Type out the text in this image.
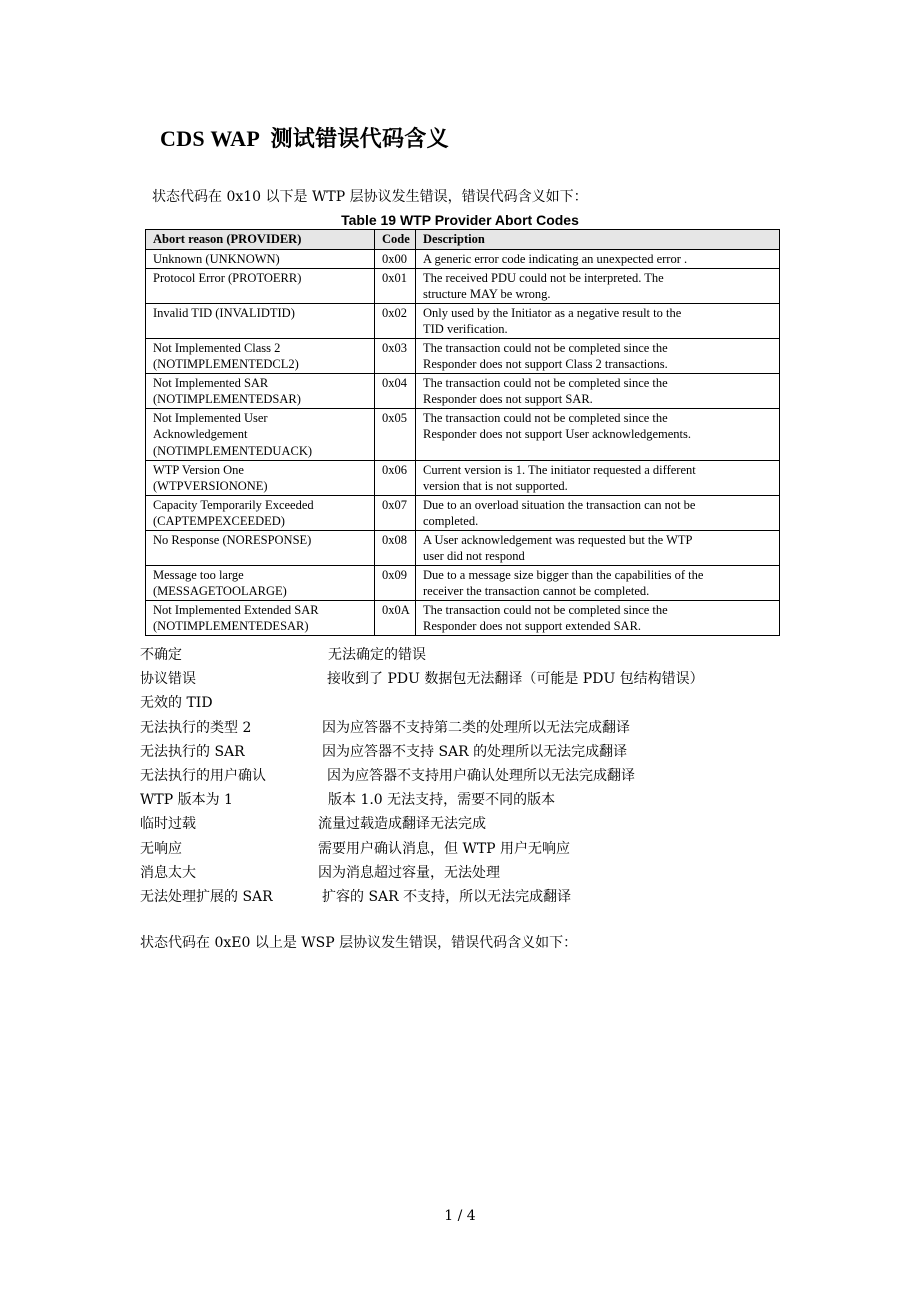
CDS WAP  测试错误代码含义
状态代码在 0x10 以下是 WTP 层协议发生错误，错误代码含义如下：
Table 19 WTP Provider Abort Codes
Abort reason (PROVIDER)	Code	Description

Unknown (UNKNOWN)	0x00	A generic error code indicating an unexpected error .

Protocol Error (PROTOERR)	0x01	The received PDU could not be interpreted. The
structure MAY be wrong.

Invalid TID (INVALIDTID)	0x02	Only used by the Initiator as a negative result to the
TID verification.

Not Implemented Class 2
(NOTIMPLEMENTEDCL2)	0x03	The transaction could not be completed since the
Responder does not support Class 2 transactions.

Not Implemented SAR
(NOTIMPLEMENTEDSAR)	0x04	The transaction could not be completed since the
Responder does not support SAR.

Not Implemented User
Acknowledgement
(NOTIMPLEMENTEDUACK)	0x05	The transaction could not be completed since the
Responder does not support User acknowledgements.

WTP Version One
(WTPVERSIONONE)	0x06	Current version is 1. The initiator requested a different
version that is not supported.

Capacity Temporarily Exceeded
(CAPTEMPEXCEEDED)	0x07	Due to an overload situation the transaction can not be
completed.

No Response (NORESPONSE)	0x08	A User acknowledgement was requested but the WTP
user did not respond

Message too large
(MESSAGETOOLARGE)	0x09	Due to a message size bigger than the capabilities of the
receiver the transaction cannot be completed.

Not Implemented Extended SAR
(NOTIMPLEMENTEDESAR)	0x0A	The transaction could not be completed since the
Responder does not support extended SAR.
不确定	无法确定的错误
协议错误	接收到了 PDU 数据包无法翻译（可能是 PDU 包结构错误）
无效的 TID
无法执行的类型 2	因为应答器不支持第二类的处理所以无法完成翻译
无法执行的 SAR	因为应答器不支持 SAR 的处理所以无法完成翻译
无法执行的用户确认	因为应答器不支持用户确认处理所以无法完成翻译
WTP 版本为 1	版本 1.0 无法支持，需要不同的版本
临时过载	流量过载造成翻译无法完成
无响应	需要用户确认消息，但 WTP 用户无响应
消息太大	因为消息超过容量，无法处理
无法处理扩展的 SAR	扩容的 SAR 不支持，所以无法完成翻译
状态代码在 0xE0 以上是 WSP 层协议发生错误，错误代码含义如下：
1 / 4
